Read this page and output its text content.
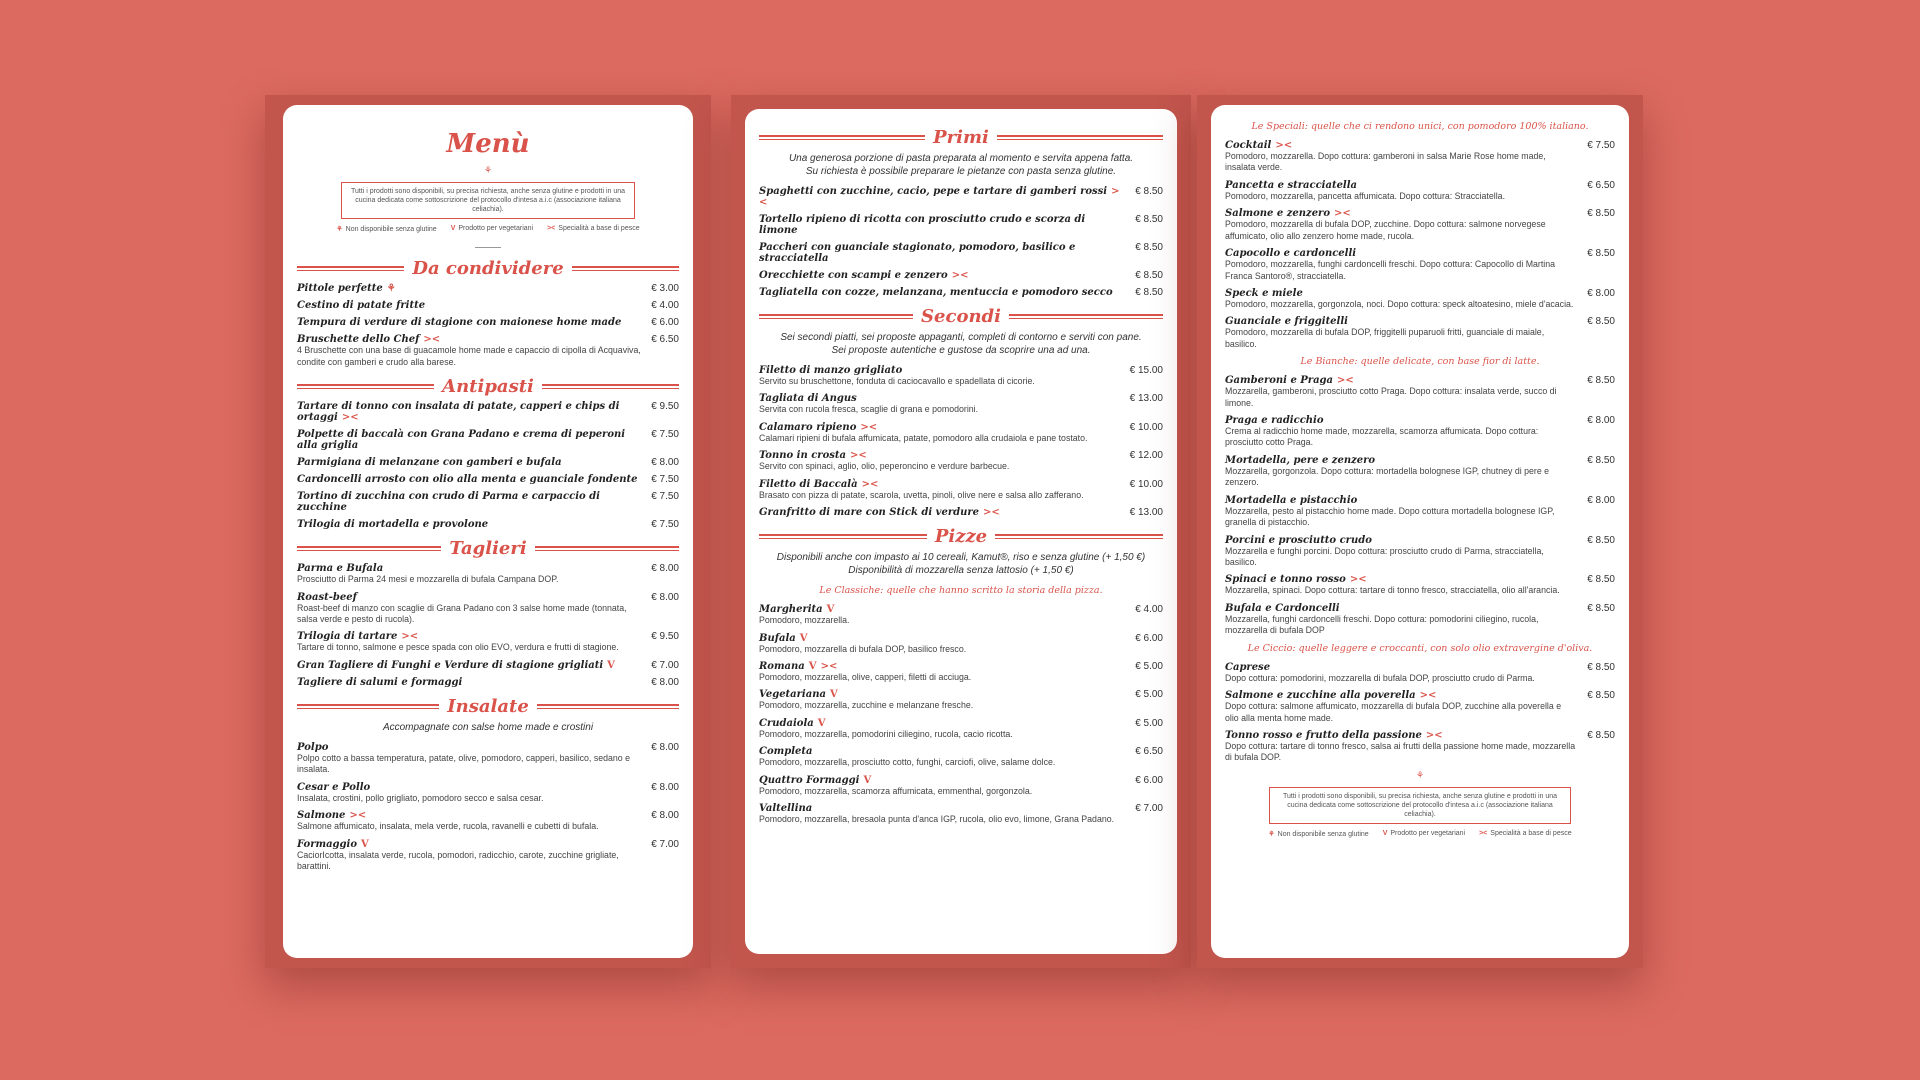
Menù
⚘
Tutti i prodotti sono disponibili, su precisa richiesta, anche senza glutine e prodotti in una cucina dedicata come sottoscrizione del protocollo d'intesa a.i.c (associazione italiana celiachia).
⚘ Non disponibile senza glutine V Prodotto per vegetariani >< Specialità a base di pesce
Da condividere
Pittole perfette ⚘	€ 3.00
Cestino di patate fritte	€ 4.00
Tempura di verdure di stagione con maionese home made	€ 6.00
Bruschette dello Chef ><
4 Bruschette con una base di guacamole home made e capaccio di cipolla di Acquaviva, condite con gamberi e crudo alla barese.
€ 6.50
Antipasti
Tartare di tonno con insalata di patate, capperi e chips di ortaggi ><
€ 9.50
Polpette di baccalà con Grana Padano e crema di peperoni alla griglia
€ 7.50
Parmigiana di melanzane con gamberi e bufala	€ 8.00
Cardoncelli arrosto con olio alla menta e guanciale fondente	€ 7.50
Tortino di zucchina con crudo di Parma e carpaccio di zucchine
€ 7.50
Trilogia di mortadella e provolone	€ 7.50
Taglieri
Parma e Bufala
Prosciutto di Parma 24 mesi e mozzarella di bufala Campana DOP.
€ 8.00
Roast-beef
Roast-beef di manzo con scaglie di Grana Padano con 3 salse home made (tonnata, salsa verde e pesto di rucola).
€ 8.00
Trilogia di tartare ><
Tartare di tonno, salmone e pesce spada con olio EVO, verdura e frutti di stagione.
€ 9.50
Gran Tagliere di Funghi e Verdure di stagione grigliati V	€ 7.00
Tagliere di salumi e formaggi	€ 8.00
Insalate
Accompagnate con salse home made e crostini
Polpo
Polpo cotto a bassa temperatura, patate, olive, pomodoro, capperi, basilico, sedano e insalata.
€ 8.00
Cesar e Pollo
Insalata, crostini, pollo grigliato, pomodoro secco e salsa cesar.
€ 8.00
Salmone ><
Salmone affumicato, insalata, mela verde, rucola, ravanelli e cubetti di bufala.
€ 8.00
Formaggio V
CaciorIcotta, insalata verde, rucola, pomodori, radicchio, carote, zucchine grigliate, barattini.
€ 7.00
Primi
Una generosa porzione di pasta preparata al momento e servita appena fatta.
Su richiesta è possibile preparare le pietanze con pasta senza glutine.
Spaghetti con zucchine, cacio, pepe e tartare di gamberi rossi ><
€ 8.50
Tortello ripieno di ricotta con prosciutto crudo e scorza di limone
€ 8.50
Paccheri con guanciale stagionato, pomodoro, basilico e stracciatella
€ 8.50
Orecchiette con scampi e zenzero ><	€ 8.50
Tagliatella con cozze, melanzana, mentuccia e pomodoro secco	€ 8.50
Secondi
Sei secondi piatti, sei proposte appaganti, completi di contorno e serviti con pane.
Sei proposte autentiche e gustose da scoprire una ad una.
Filetto di manzo grigliato
Servito su bruschettone, fonduta di caciocavallo e spadellata di cicorie.
€ 15.00
Tagliata di Angus
Servita con rucola fresca, scaglie di grana e pomodorini.
€ 13.00
Calamaro ripieno ><
Calamari ripieni di bufala affumicata, patate, pomodoro alla crudaiola e pane tostato.
€ 10.00
Tonno in crosta ><
Servito con spinaci, aglio, olio, peperoncino e verdure barbecue.
€ 12.00
Filetto di Baccalà ><
Brasato con pizza di patate, scarola, uvetta, pinoli, olive nere e salsa allo zafferano.
€ 10.00
Granfritto di mare con Stick di verdure ><	€ 13.00
Pizze
Disponibili anche con impasto ai 10 cereali, Kamut®, riso e senza glutine (+ 1,50 €)
Disponibilità di mozzarella senza lattosio (+ 1,50 €)
Le Classiche: quelle che hanno scritto la storia della pizza.
Margherita V
Pomodoro, mozzarella.
€ 4.00
Bufala V
Pomodoro, mozzarella di bufala DOP, basilico fresco.
€ 6.00
Romana V ><
Pomodoro, mozzarella, olive, capperi, filetti di acciuga.
€ 5.00
Vegetariana V
Pomodoro, mozzarella, zucchine e melanzane fresche.
€ 5.00
Crudaiola V
Pomodoro, mozzarella, pomodorini ciliegino, rucola, cacio ricotta.
€ 5.00
Completa
Pomodoro, mozzarella, prosciutto cotto, funghi, carciofi, olive, salame dolce.
€ 6.50
Quattro Formaggi V
Pomodoro, mozzarella, scamorza affumicata, emmenthal, gorgonzola.
€ 6.00
Valtellina
Pomodoro, mozzarella, bresaola punta d'anca IGP, rucola, olio evo, limone, Grana Padano.
€ 7.00
Le Speciali: quelle che ci rendono unici, con pomodoro 100% italiano.
Cocktail ><
Pomodoro, mozzarella. Dopo cottura: gamberoni in salsa Marie Rose home made, insalata verde.
€ 7.50
Pancetta e stracciatella
Pomodoro, mozzarella, pancetta affumicata. Dopo cottura: Stracciatella.
€ 6.50
Salmone e zenzero ><
Pomodoro, mozzarella di bufala DOP, zucchine. Dopo cottura: salmone norvegese affumicato, olio allo zenzero home made, rucola.
€ 8.50
Capocollo e cardoncelli
Pomodoro, mozzarella, funghi cardoncelli freschi. Dopo cottura: Capocollo di Martina Franca Santoro®, stracciatella.
€ 8.50
Speck e miele
Pomodoro, mozzarella, gorgonzola, noci. Dopo cottura: speck altoatesino, miele d'acacia.
€ 8.00
Guanciale e friggitelli
Pomodoro, mozzarella di bufala DOP, friggitelli puparuoli fritti, guanciale di maiale, basilico.
€ 8.50
Le Bianche: quelle delicate, con base fior di latte.
Gamberoni e Praga ><
Mozzarella, gamberoni, prosciutto cotto Praga. Dopo cottura: insalata verde, succo di limone.
€ 8.50
Praga e radicchio
Crema al radicchio home made, mozzarella, scamorza affumicata. Dopo cottura: prosciutto cotto Praga.
€ 8.00
Mortadella, pere e zenzero
Mozzarella, gorgonzola. Dopo cottura: mortadella bolognese IGP, chutney di pere e zenzero.
€ 8.50
Mortadella e pistacchio
Mozzarella, pesto al pistacchio home made. Dopo cottura mortadella bolognese IGP, granella di pistacchio.
€ 8.00
Porcini e prosciutto crudo
Mozzarella e funghi porcini. Dopo cottura: prosciutto crudo di Parma, stracciatella, basilico.
€ 8.50
Spinaci e tonno rosso ><
Mozzarella, spinaci. Dopo cottura: tartare di tonno fresco, stracciatella, olio all'arancia.
€ 8.50
Bufala e Cardoncelli
Mozzarella, funghi cardoncelli freschi. Dopo cottura: pomodorini ciliegino, rucola, mozzarella di bufala DOP
€ 8.50
Le Ciccio: quelle leggere e croccanti, con solo olio extravergine d'oliva.
Caprese
Dopo cottura: pomodorini, mozzarella di bufala DOP, prosciutto crudo di Parma.
€ 8.50
Salmone e zucchine alla poverella ><
Dopo cottura: salmone affumicato, mozzarella di bufala DOP, zucchine alla poverella e olio alla menta home made.
€ 8.50
Tonno rosso e frutto della passione ><
Dopo cottura: tartare di tonno fresco, salsa ai frutti della passione home made, mozzarella di bufala DOP.
€ 8.50
⚘
Tutti i prodotti sono disponibili, su precisa richiesta, anche senza glutine e prodotti in una cucina dedicata come sottoscrizione del protocollo d'intesa a.i.c (associazione italiana celiachia).
⚘ Non disponibile senza glutine V Prodotto per vegetariani >< Specialità a base di pesce
